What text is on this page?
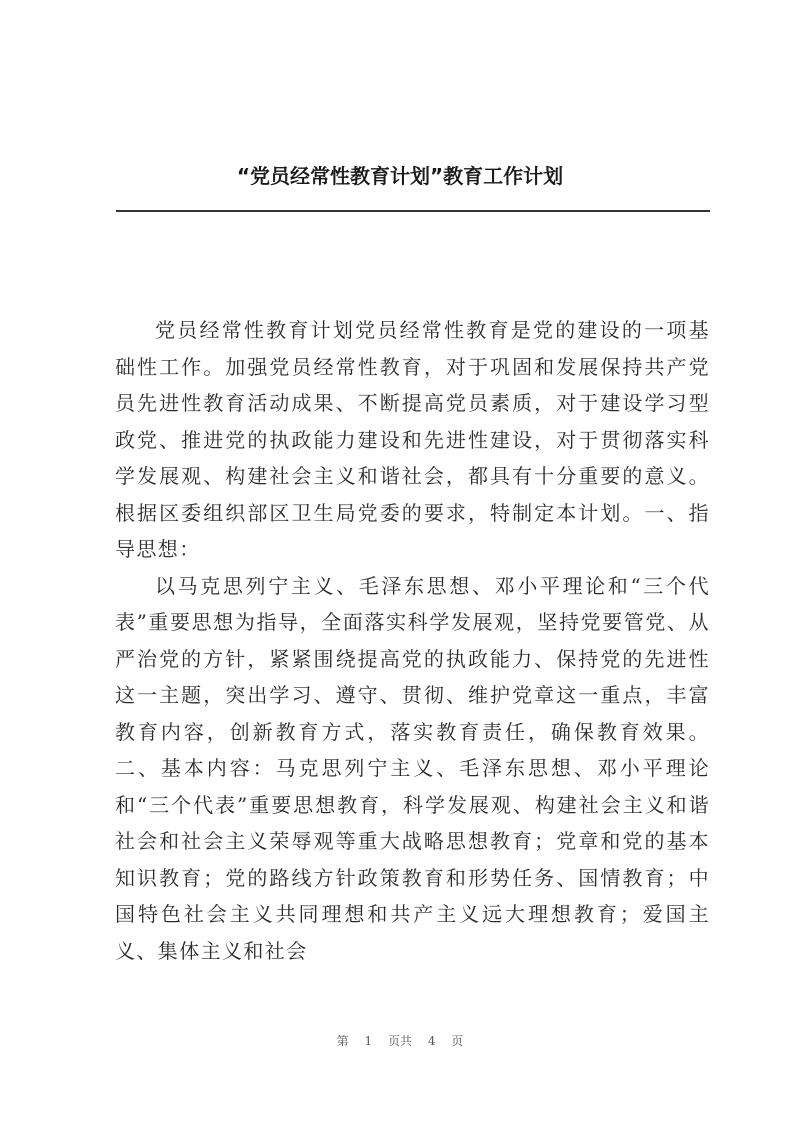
“党员经常性教育计划”教育工作计划

党员经常性教育计划党员经常性教育是党的建设的一项基础性工作。加强党员经常性教育，对于巩固和发展保持共产党员先进性教育活动成果、不断提高党员素质，对于建设学习型政党、推进党的执政能力建设和先进性建设，对于贯彻落实科学发展观、构建社会主义和谐社会，都具有十分重要的意义。根据区委组织部区卫生局党委的要求，特制定本计划。一、指导思想：

以马克思列宁主义、毛泽东思想、邓小平理论和“三个代表”重要思想为指导，全面落实科学发展观，坚持党要管党、从严治党的方针，紧紧围绕提高党的执政能力、保持党的先进性这一主题，突出学习、遵守、贯彻、维护党章这一重点，丰富教育内容，创新教育方式，落实教育责任，确保教育效果。二、基本内容：马克思列宁主义、毛泽东思想、邓小平理论和“三个代表”重要思想教育，科学发展观、构建社会主义和谐社会和社会主义荣辱观等重大战略思想教育；党章和党的基本知识教育；党的路线方针政策教育和形势任务、国情教育；中国特色社会主义共同理想和共产主义远大理想教育；爱国主义、集体主义和社会

第 1 页共 4 页
